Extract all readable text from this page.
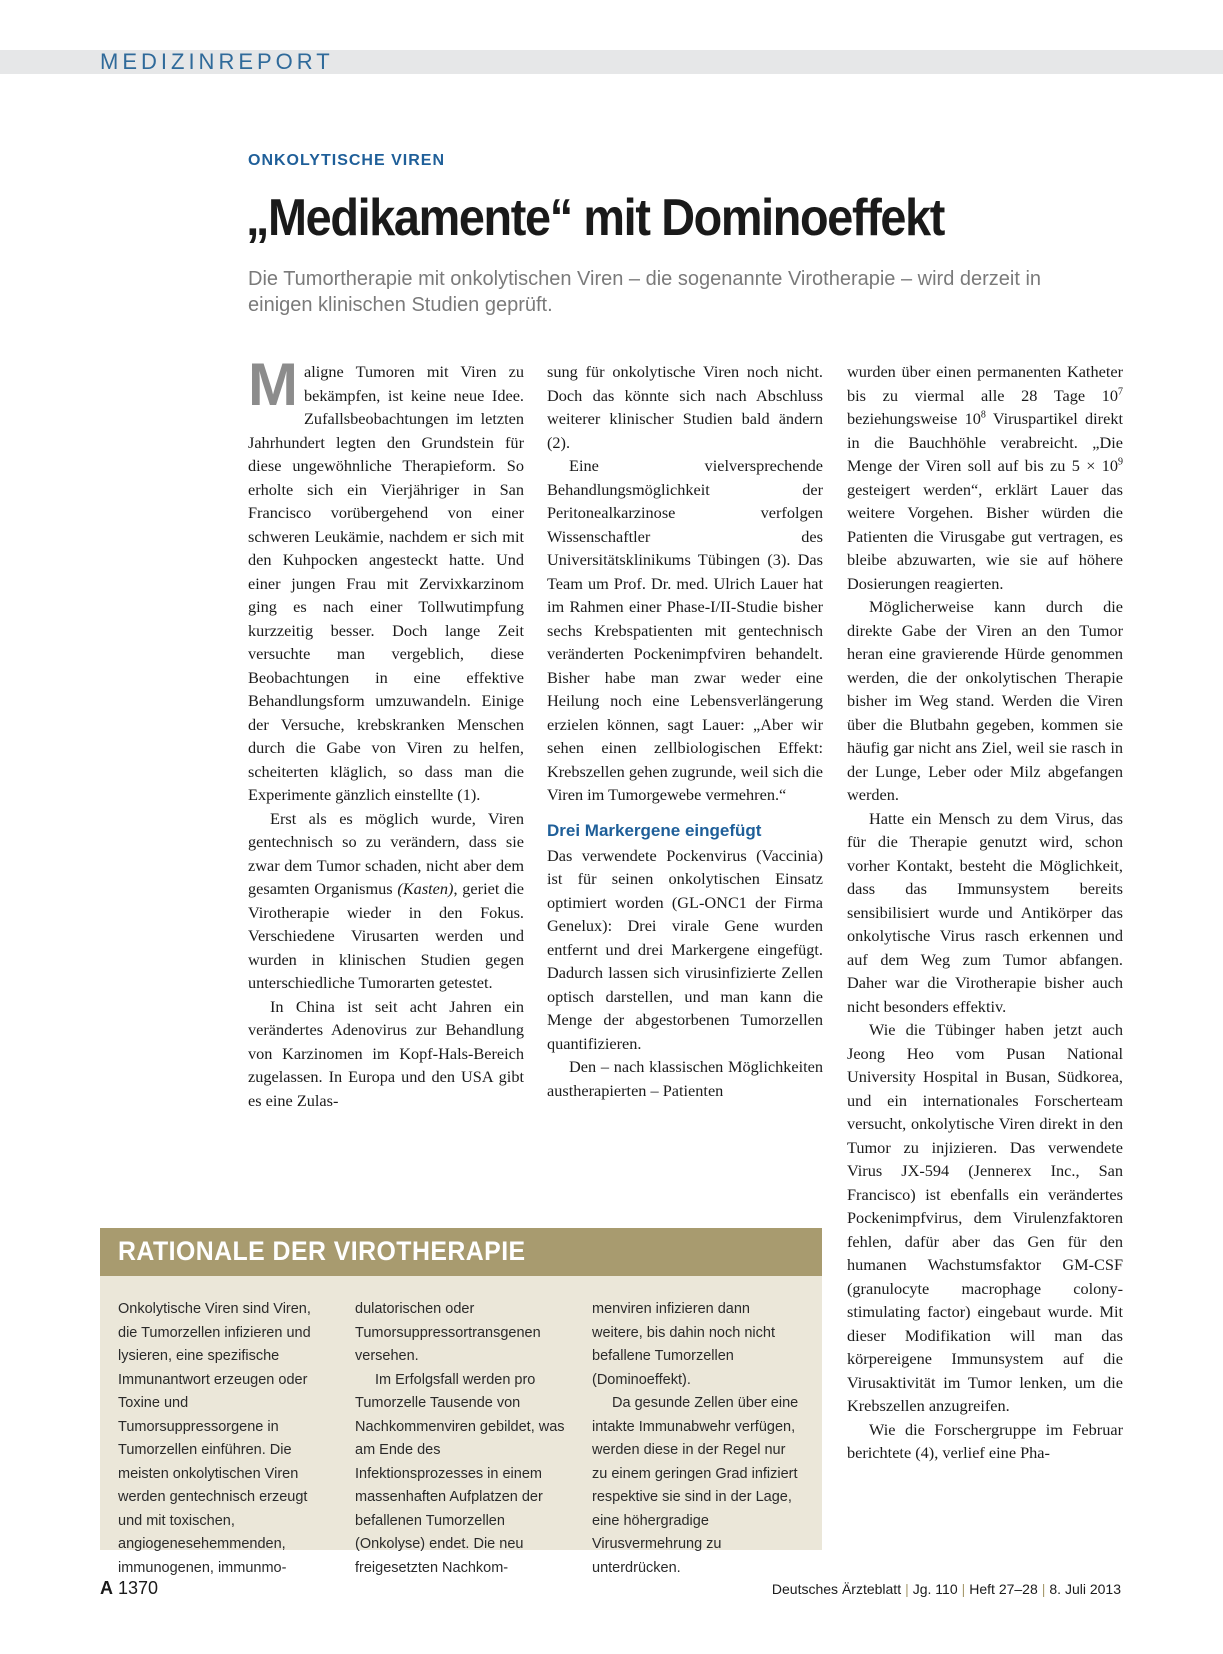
MEDIZINREPORT
ONKOLYTISCHE VIREN
„Medikamente“ mit Dominoeffekt
Die Tumortherapie mit onkolytischen Viren – die sogenannte Virotherapie – wird derzeit in einigen klinischen Studien geprüft.

Maligne Tumoren mit Viren zu bekämpfen, ist keine neue Idee. Zufallsbeobachtungen im letzten Jahrhundert legten den Grundstein für diese ungewöhnliche Therapieform. So erholte sich ein Vierjähriger in San Francisco vorübergehend von einer schweren Leukämie, nachdem er sich mit den Kuhpocken angesteckt hatte. Und einer jungen Frau mit Zervixkarzinom ging es nach einer Tollwutimpfung kurzzeitig besser. Doch lange Zeit versuchte man vergeblich, diese Beobachtungen in eine effektive Behandlungsform umzuwandeln. Einige der Versuche, krebskranken Menschen durch die Gabe von Viren zu helfen, scheiterten kläglich, so dass man die Experimente gänzlich einstellte (1).

Erst als es möglich wurde, Viren gentechnisch so zu verändern, dass sie zwar dem Tumor schaden, nicht aber dem gesamten Organismus (Kasten), geriet die Virotherapie wieder in den Fokus. Verschiedene Virusarten werden und wurden in klinischen Studien gegen unterschiedliche Tumorarten getestet.

In China ist seit acht Jahren ein verändertes Adenovirus zur Behandlung von Karzinomen im Kopf-Hals-Bereich zugelassen. In Europa und den USA gibt es eine Zulas-

sung für onkolytische Viren noch nicht. Doch das könnte sich nach Abschluss weiterer klinischer Studien bald ändern (2).

Eine vielversprechende Behandlungsmöglichkeit der Peritonealkarzinose verfolgen Wissenschaftler des Universitätsklinikums Tübingen (3). Das Team um Prof. Dr. med. Ulrich Lauer hat im Rahmen einer Phase-I/II-Studie bisher sechs Krebspatienten mit gentechnisch veränderten Pockenimpfviren behandelt. Bisher habe man zwar weder eine Heilung noch eine Lebensverlängerung erzielen können, sagt Lauer: „Aber wir sehen einen zellbiologischen Effekt: Krebszellen gehen zugrunde, weil sich die Viren im Tumorgewebe vermehren.“

Drei Markergene eingefügt

Das verwendete Pockenvirus (Vaccinia) ist für seinen onkolytischen Einsatz optimiert worden (GL-ONC1 der Firma Genelux): Drei virale Gene wurden entfernt und drei Markergene eingefügt. Dadurch lassen sich virusinfizierte Zellen optisch darstellen, und man kann die Menge der abgestorbenen Tumorzellen quantifizieren.

Den – nach klassischen Möglichkeiten austherapierten – Patienten

wurden über einen permanenten Katheter bis zu viermal alle 28 Tage $10^7$ beziehungsweise $10^8$ Viruspartikel direkt in die Bauchhöhle verabreicht. „Die Menge der Viren soll auf bis zu $5 \times 10^9$ gesteigert werden“, erklärt Lauer das weitere Vorgehen. Bisher würden die Patienten die Virusgabe gut vertragen, es bleibe abzuwarten, wie sie auf höhere Dosierungen reagierten.

Möglicherweise kann durch die direkte Gabe der Viren an den Tumor heran eine gravierende Hürde genommen werden, die der onkolytischen Therapie bisher im Weg stand. Werden die Viren über die Blutbahn gegeben, kommen sie häufig gar nicht ans Ziel, weil sie rasch in der Lunge, Leber oder Milz abgefangen werden.

Hatte ein Mensch zu dem Virus, das für die Therapie genutzt wird, schon vorher Kontakt, besteht die Möglichkeit, dass das Immunsystem bereits sensibilisiert wurde und Antikörper das onkolytische Virus rasch erkennen und auf dem Weg zum Tumor abfangen. Daher war die Virotherapie bisher auch nicht besonders effektiv.

Wie die Tübinger haben jetzt auch Jeong Heo vom Pusan National University Hospital in Busan, Südkorea, und ein internationales Forscherteam versucht, onkolytische Viren direkt in den Tumor zu injizieren. Das verwendete Virus JX-594 (Jennerex Inc., San Francisco) ist ebenfalls ein verändertes Pockenimpfvirus, dem Virulenzfaktoren fehlen, dafür aber das Gen für den humanen Wachstumsfaktor GM-CSF (granulocyte macrophage colony-stimulating factor) eingebaut wurde. Mit dieser Modifikation will man das körpereigene Immunsystem auf die Virusaktivität im Tumor lenken, um die Krebszellen anzugreifen.

Wie die Forschergruppe im Februar berichtete (4), verlief eine Pha-

RATIONALE DER VIROTHERAPIE

Onkolytische Viren sind Viren, die Tumorzellen infizieren und lysieren, eine spezifische Immunantwort erzeugen oder Toxine und Tumorsuppressorgene in Tumorzellen einführen. Die meisten onkolytischen Viren werden gentechnisch erzeugt und mit toxischen, angiogenesehemmenden, immunogenen, immunmo-

dulatorischen oder Tumorsuppressortransgenen versehen.

Im Erfolgsfall werden pro Tumorzelle Tausende von Nachkommenviren gebildet, was am Ende des Infektionsprozesses in einem massenhaften Aufplatzen der befallenen Tumorzellen (Onkolyse) endet. Die neu freigesetzten Nachkom-

menviren infizieren dann weitere, bis dahin noch nicht befallene Tumorzellen (Dominoeffekt).

Da gesunde Zellen über eine intakte Immunabwehr verfügen, werden diese in der Regel nur zu einem geringen Grad infiziert respektive sie sind in der Lage, eine höhergradige Virusvermehrung zu unterdrücken.

A 1370	Deutsches Ärzteblatt | Jg. 110 | Heft 27–28 | 8. Juli 2013
